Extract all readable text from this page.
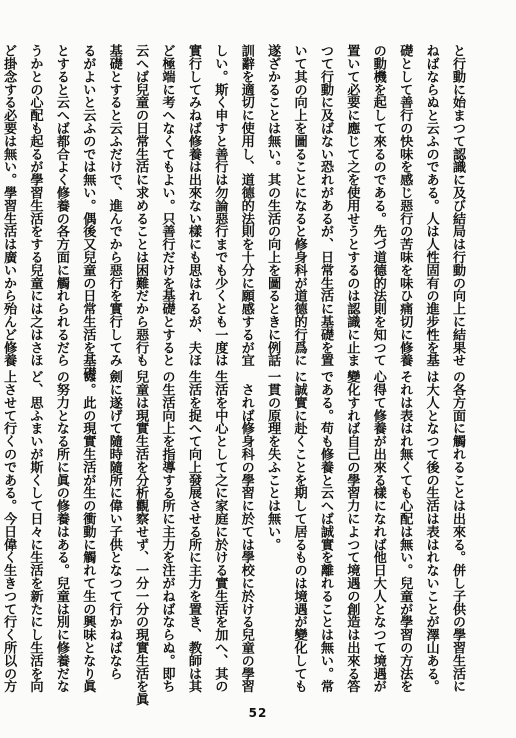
と行動に始まつて認識に及び結局は行動の向上に結果せ
ねばならぬと云ふのである。人は人性固有の進步性を基
礎として善行の快味を感じ惡行の苦味を味ひ痛切に修養
の動機を起して來るのである。先づ道德的法則を知つて
置いて必要に應じて之を使用せうとするのは認識に止ま
つて行動に及ばない恐れがあるが、日常生活に基礎を置
いて其の向上を圖ることになると修身科が道德的行爲に
遂ざかることは無い。其の生活の向上を圖るときに例話
訓辭を適切に使用し、道德的法則を十分に願感するが宜
しい。斯く申すと善行は勿論惡行までも少くとも一度は
實行してみねば修養は出來ない樣にも思はれるが、夫ほ
ど極端に考へなくてもよい。只善行だけを基礎とすると
云へば兒童の日常生活に求めることは困難だから惡行も
基礎とすると云ふだけで、進んでから惡行を實行してみ
るがよいと云ふのでは無い。偶後又兒童の日常生活を基礎
とすると云へば都合よく修養の各方面に觸れられるだら
うかとの心配も起るが學習生活をする兒童には之はさほ
ど掛念する必要は無い。學習生活は廣いから殆んど修養
の各方面に觸れることは出來る。併し子供の學習生活に
は大人となつて後の生活は表はれないことが澤山ある。
それは表はれ無くても心配は無い。兒童が學習の方法を
心得て修養が出來る樣になれば他日大人となつて境遇が
變化すれば自己の學習力によつて境遇の創造は出來る答
である。苟も修養と云へば誠實を離れることは無い。常
に誠實に赴くことを期して居るものは境遇が變化しても
一貫の原理を失ふことは無い。
　されば修身科の學習に於ては學校に於ける兒童の學習
生活を中心として之に家庭に於ける實生活を加へ、其の
生活を捉へて向上發展させる所に主力を置き、教師は其
の生活向上を指導する所に主力を注がねばならぬ。即ち
兒童は現實生活を分析觀察せず、一分一分の現實生活を眞
劍に遂げて隨時隨所に偉い子供となつて行かねばなら
ぬ。此の現實生活が生の衝動に觸れて生の興味となり眞
の努力となる所に眞の修養はある。兒童は別に修養だな
ど、思ふまいが斯くして日々に生活を新たにし生活を向
上させて行くのである。今日偉く生きつて行く所以の方
52
